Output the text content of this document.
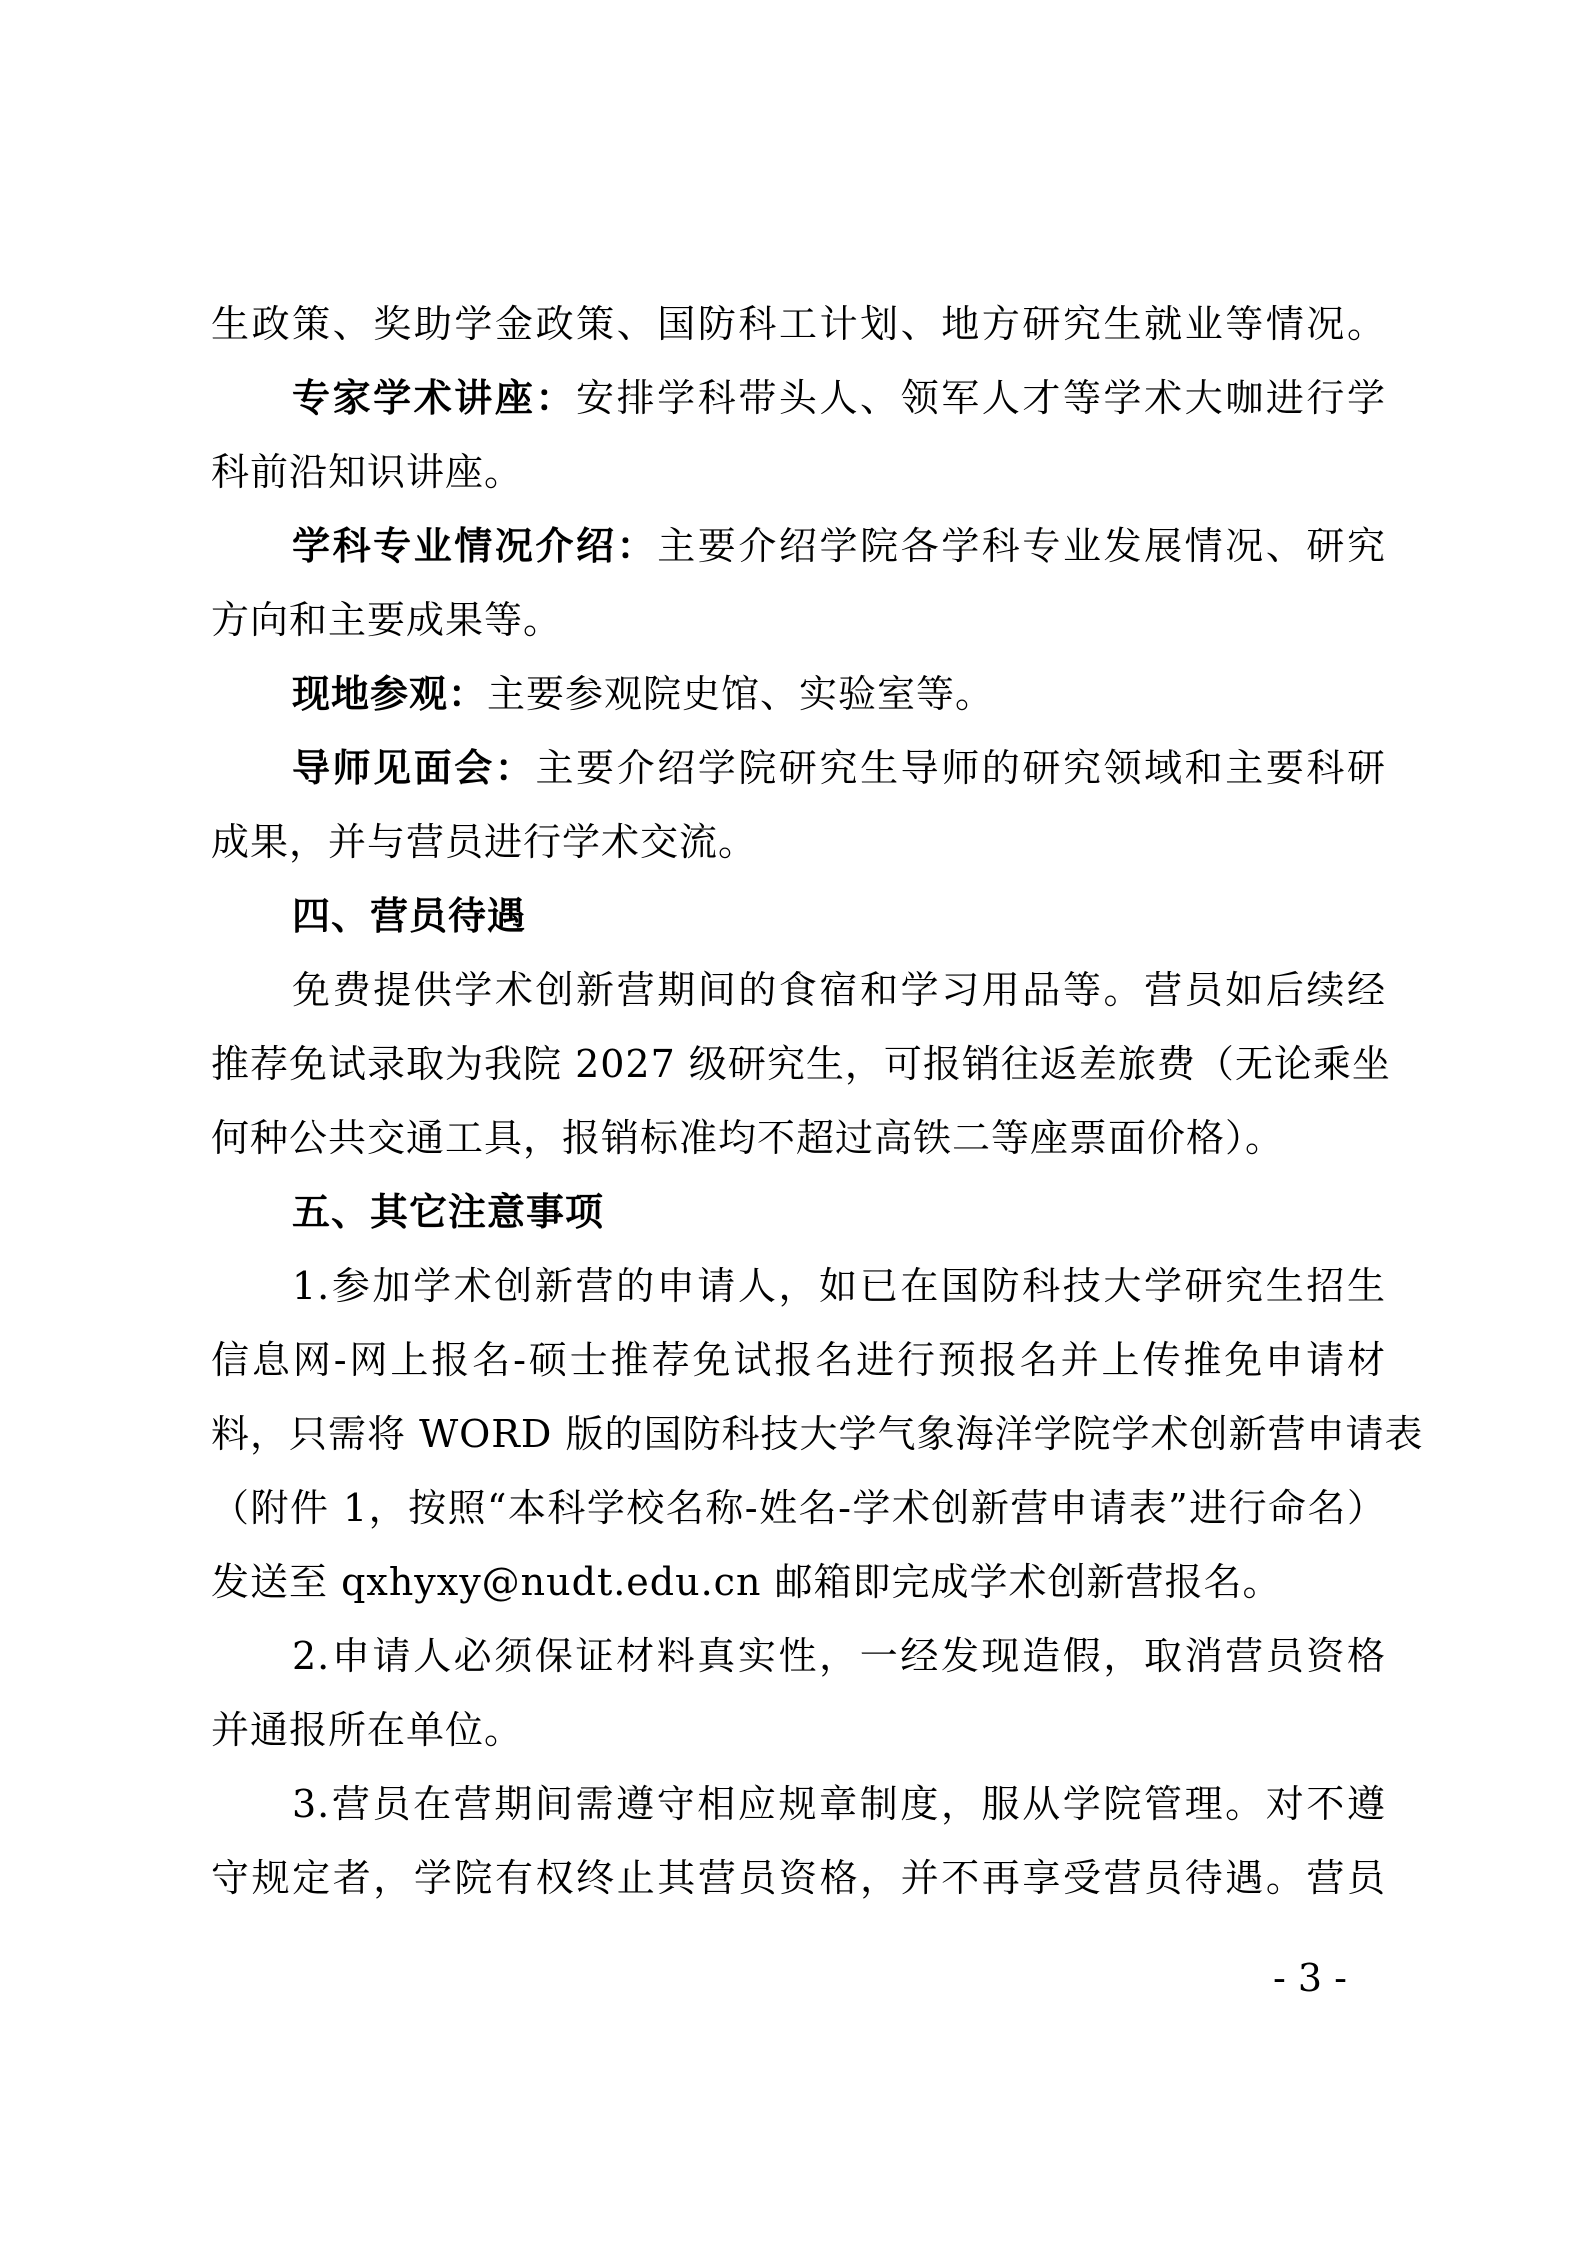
生政策、奖助学金政策、国防科工计划、地方研究生就业等情况。
专家学术讲座：安排学科带头人、领军人才等学术大咖进行学
科前沿知识讲座。
学科专业情况介绍：主要介绍学院各学科专业发展情况、研究
方向和主要成果等。
现地参观：主要参观院史馆、实验室等。
导师见面会：主要介绍学院研究生导师的研究领域和主要科研
成果，并与营员进行学术交流。
四、营员待遇
免费提供学术创新营期间的食宿和学习用品等。营员如后续经
推荐免试录取为我院 2027 级研究生，可报销往返差旅费（无论乘坐
何种公共交通工具，报销标准均不超过高铁二等座票面价格）。
五、其它注意事项
1.参加学术创新营的申请人，如已在国防科技大学研究生招生
信息网-网上报名-硕士推荐免试报名进行预报名并上传推免申请材
料，只需将 WORD 版的国防科技大学气象海洋学院学术创新营申请表
（附件 1，按照“本科学校名称-姓名-学术创新营申请表”进行命名）
发送至 qxhyxy@nudt.edu.cn 邮箱即完成学术创新营报名。
2.申请人必须保证材料真实性，一经发现造假，取消营员资格
并通报所在单位。
3.营员在营期间需遵守相应规章制度，服从学院管理。对不遵
守规定者，学院有权终止其营员资格，并不再享受营员待遇。营员
- 3 -
